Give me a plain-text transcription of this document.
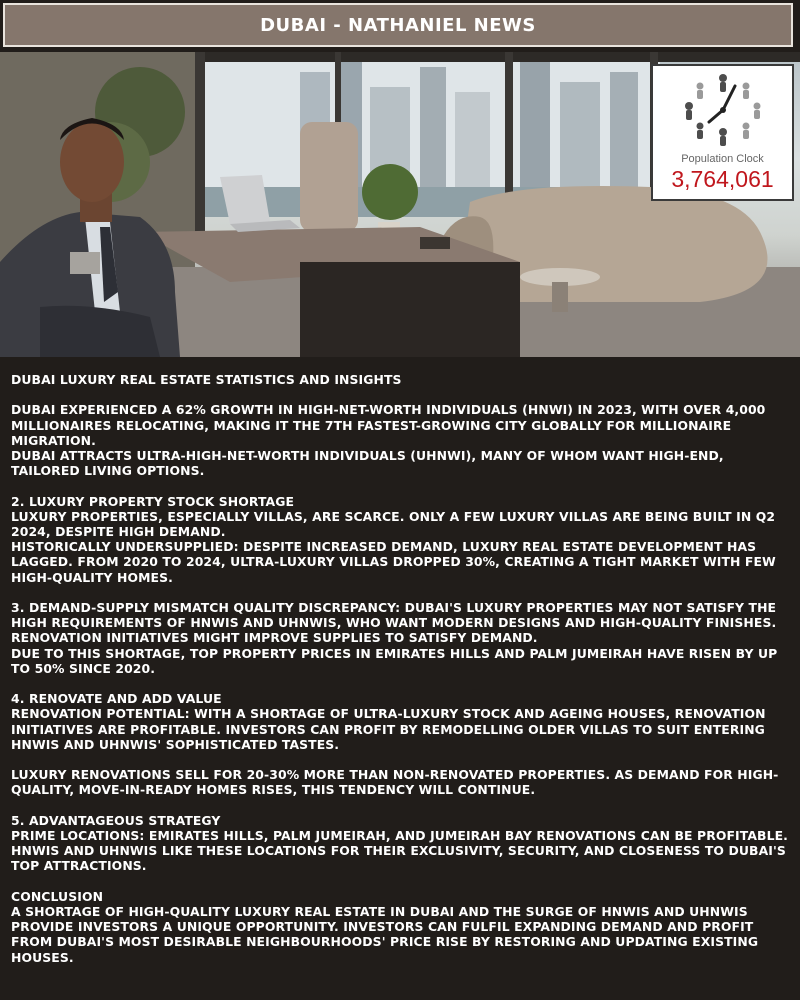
DUBAI - NATHANIEL NEWS
Population Clock
3,764,061

DUBAI LUXURY REAL ESTATE STATISTICS AND INSIGHTS

DUBAI EXPERIENCED A 62% GROWTH IN HIGH-NET-WORTH INDIVIDUALS (HNWI) IN 2023, WITH OVER 4,000 MILLIONAIRES RELOCATING, MAKING IT THE 7TH FASTEST-GROWING CITY GLOBALLY FOR MILLIONAIRE MIGRATION.
DUBAI ATTRACTS ULTRA-HIGH-NET-WORTH INDIVIDUALS (UHNWI), MANY OF WHOM WANT HIGH-END, TAILORED LIVING OPTIONS.

2. LUXURY PROPERTY STOCK SHORTAGE
LUXURY PROPERTIES, ESPECIALLY VILLAS, ARE SCARCE. ONLY A FEW LUXURY VILLAS ARE BEING BUILT IN Q2 2024, DESPITE HIGH DEMAND.
HISTORICALLY UNDERSUPPLIED: DESPITE INCREASED DEMAND, LUXURY REAL ESTATE DEVELOPMENT HAS LAGGED. FROM 2020 TO 2024, ULTRA-LUXURY VILLAS DROPPED 30%, CREATING A TIGHT MARKET WITH FEW HIGH-QUALITY HOMES.

3. DEMAND-SUPPLY MISMATCH QUALITY DISCREPANCY: DUBAI'S LUXURY PROPERTIES MAY NOT SATISFY THE HIGH REQUIREMENTS OF HNWIS AND UHNWIS, WHO WANT MODERN DESIGNS AND HIGH-QUALITY FINISHES. RENOVATION INITIATIVES MIGHT IMPROVE SUPPLIES TO SATISFY DEMAND.
DUE TO THIS SHORTAGE, TOP PROPERTY PRICES IN EMIRATES HILLS AND PALM JUMEIRAH HAVE RISEN BY UP TO 50% SINCE 2020.

4. RENOVATE AND ADD VALUE
RENOVATION POTENTIAL: WITH A SHORTAGE OF ULTRA-LUXURY STOCK AND AGEING HOUSES, RENOVATION INITIATIVES ARE PROFITABLE. INVESTORS CAN PROFIT BY REMODELLING OLDER VILLAS TO SUIT ENTERING HNWIS AND UHNWIS' SOPHISTICATED TASTES.

LUXURY RENOVATIONS SELL FOR 20-30% MORE THAN NON-RENOVATED PROPERTIES. AS DEMAND FOR HIGH-QUALITY, MOVE-IN-READY HOMES RISES, THIS TENDENCY WILL CONTINUE.

5. ADVANTAGEOUS STRATEGY
PRIME LOCATIONS: EMIRATES HILLS, PALM JUMEIRAH, AND JUMEIRAH BAY RENOVATIONS CAN BE PROFITABLE. HNWIS AND UHNWIS LIKE THESE LOCATIONS FOR THEIR EXCLUSIVITY, SECURITY, AND CLOSENESS TO DUBAI'S TOP ATTRACTIONS.

CONCLUSION
A SHORTAGE OF HIGH-QUALITY LUXURY REAL ESTATE IN DUBAI AND THE SURGE OF HNWIS AND UHNWIS PROVIDE INVESTORS A UNIQUE OPPORTUNITY. INVESTORS CAN FULFIL EXPANDING DEMAND AND PROFIT FROM DUBAI'S MOST DESIRABLE NEIGHBOURHOODS' PRICE RISE BY RESTORING AND UPDATING EXISTING HOUSES.
